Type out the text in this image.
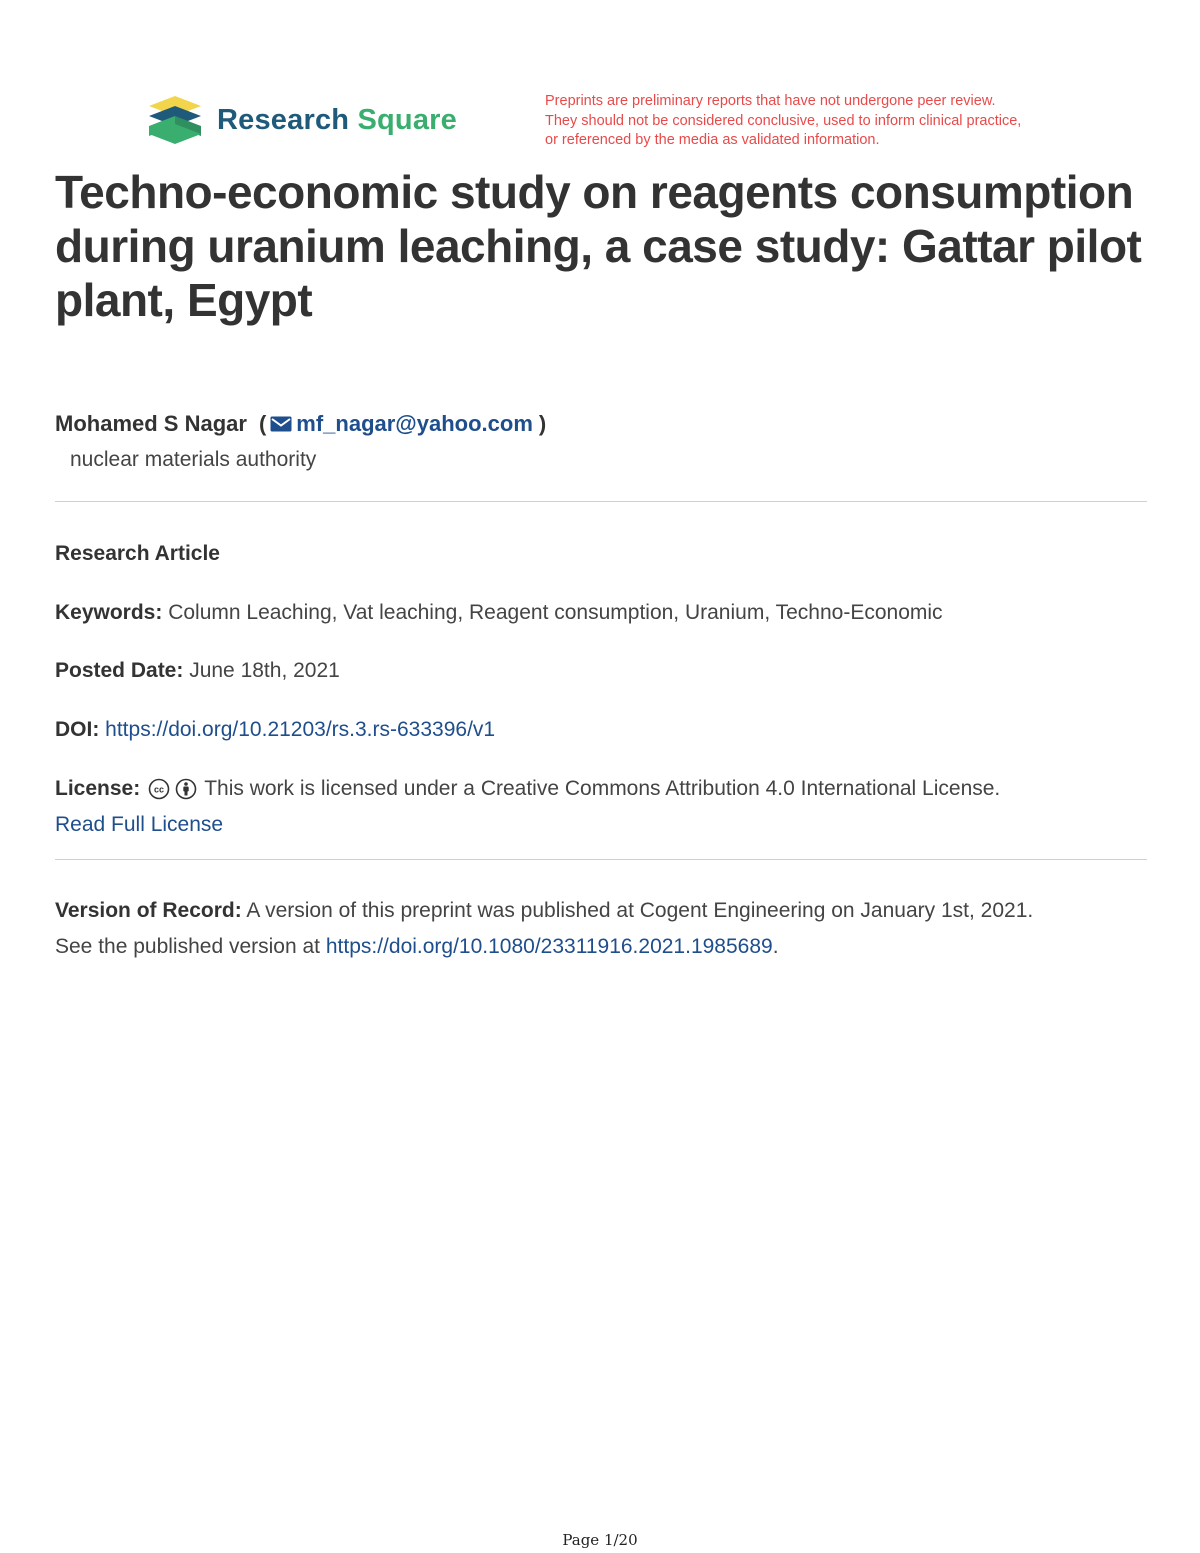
Research Square
Preprints are preliminary reports that have not undergone peer review.
They should not be considered conclusive, used to inform clinical practice,
or referenced by the media as validated information.
Techno-economic study on reagents consumption during uranium leaching, a case study: Gattar pilot plant, Egypt
Mohamed S Nagar ( mf_nagar@yahoo.com )
nuclear materials authority
Research Article
Keywords: Column Leaching, Vat leaching, Reagent consumption, Uranium, Techno-Economic
Posted Date: June 18th, 2021
DOI: https://doi.org/10.21203/rs.3.rs-633396/v1
License: cc This work is licensed under a Creative Commons Attribution 4.0 International License.
Read Full License
Version of Record: A version of this preprint was published at Cogent Engineering on January 1st, 2021.
See the published version at https://doi.org/10.1080/23311916.2021.1985689.
Page 1/20
